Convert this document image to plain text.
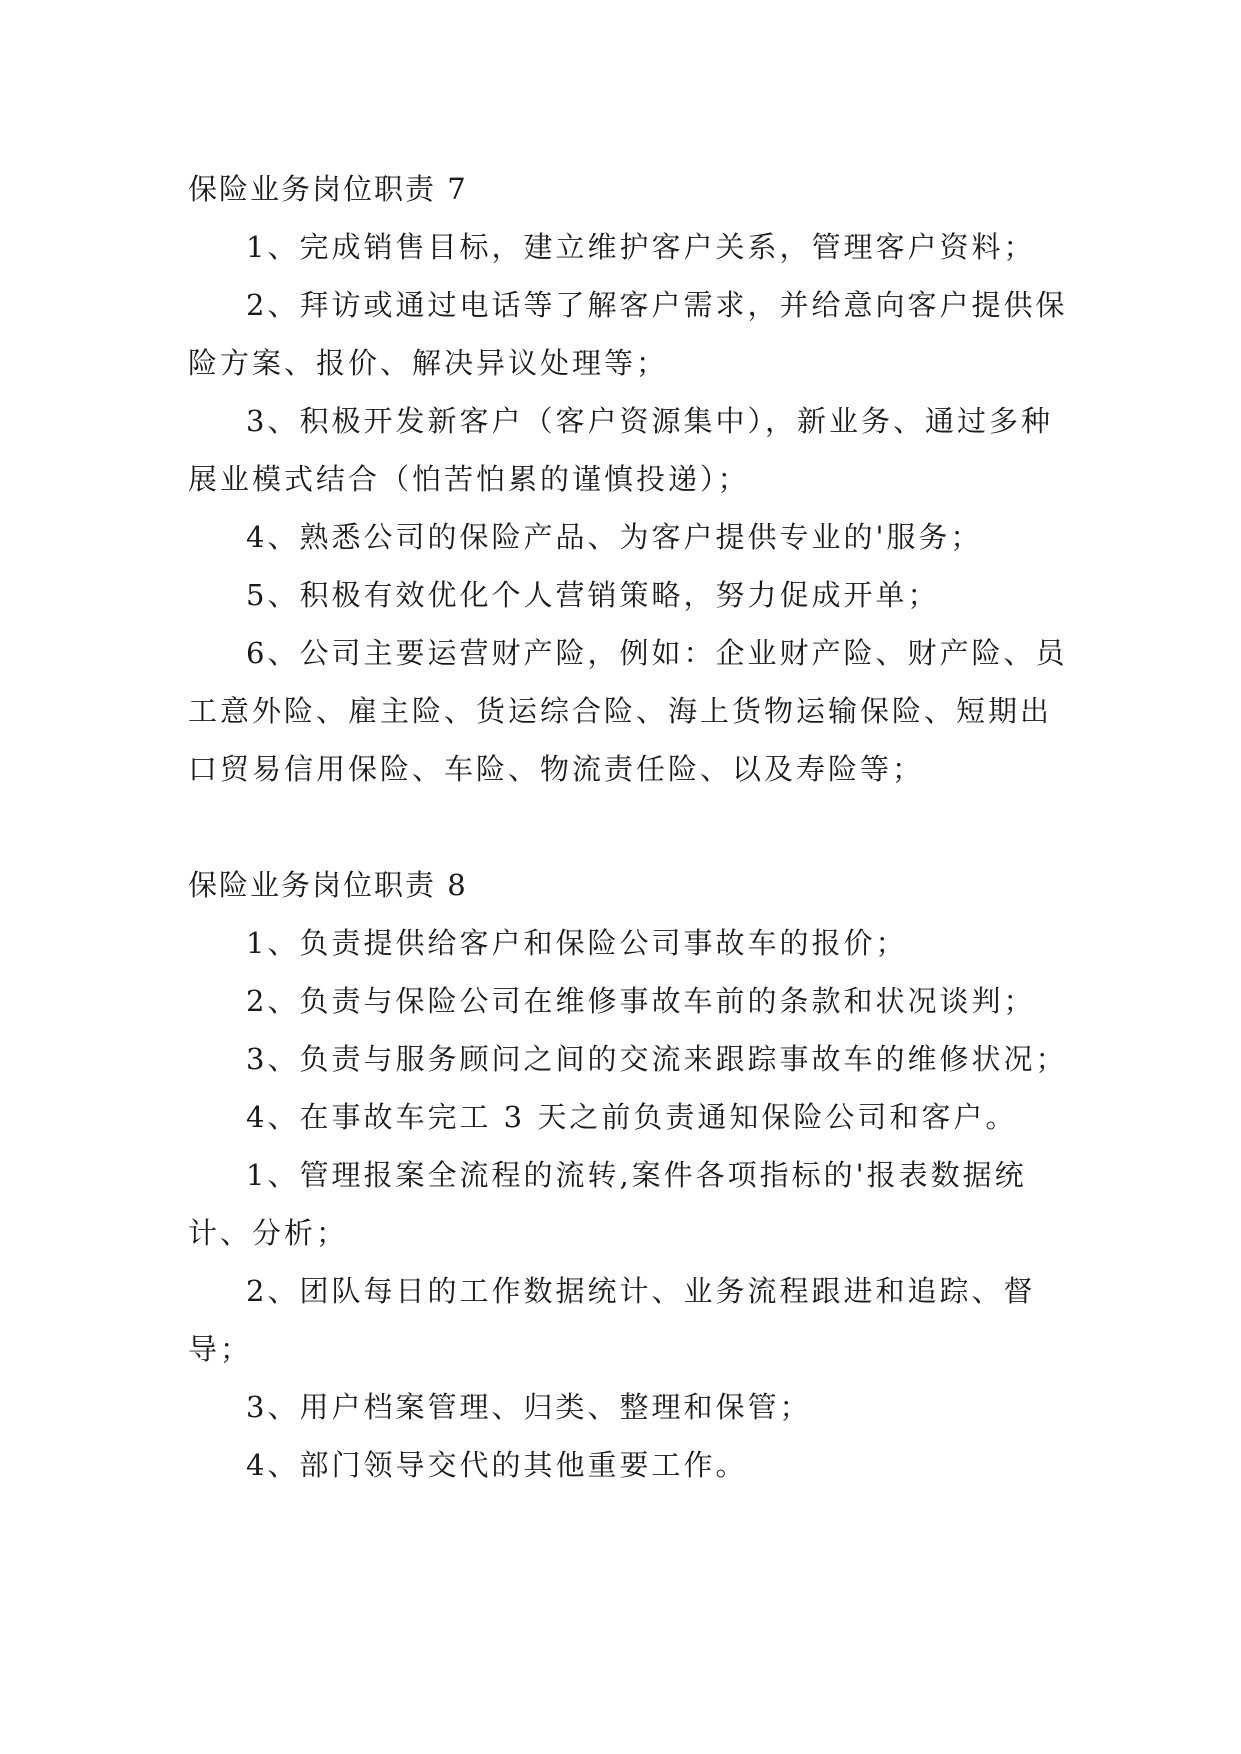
保险业务岗位职责 7

1、完成销售目标，建立维护客户关系，管理客户资料；

2、拜访或通过电话等了解客户需求，并给意向客户提供保险方案、报价、解决异议处理等；

3、积极开发新客户（客户资源集中），新业务、通过多种展业模式结合（怕苦怕累的谨慎投递）；

4、熟悉公司的保险产品、为客户提供专业的'服务；

5、积极有效优化个人营销策略，努力促成开单；

6、公司主要运营财产险，例如：企业财产险、财产险、员工意外险、雇主险、货运综合险、海上货物运输保险、短期出口贸易信用保险、车险、物流责任险、以及寿险等；

保险业务岗位职责 8

1、负责提供给客户和保险公司事故车的报价；

2、负责与保险公司在维修事故车前的条款和状况谈判；

3、负责与服务顾问之间的交流来跟踪事故车的维修状况；

4、在事故车完工 3 天之前负责通知保险公司和客户。

1、管理报案全流程的流转,案件各项指标的'报表数据统计、分析；

2、团队每日的工作数据统计、业务流程跟进和追踪、督导；

3、用户档案管理、归类、整理和保管；

4、部门领导交代的其他重要工作。
